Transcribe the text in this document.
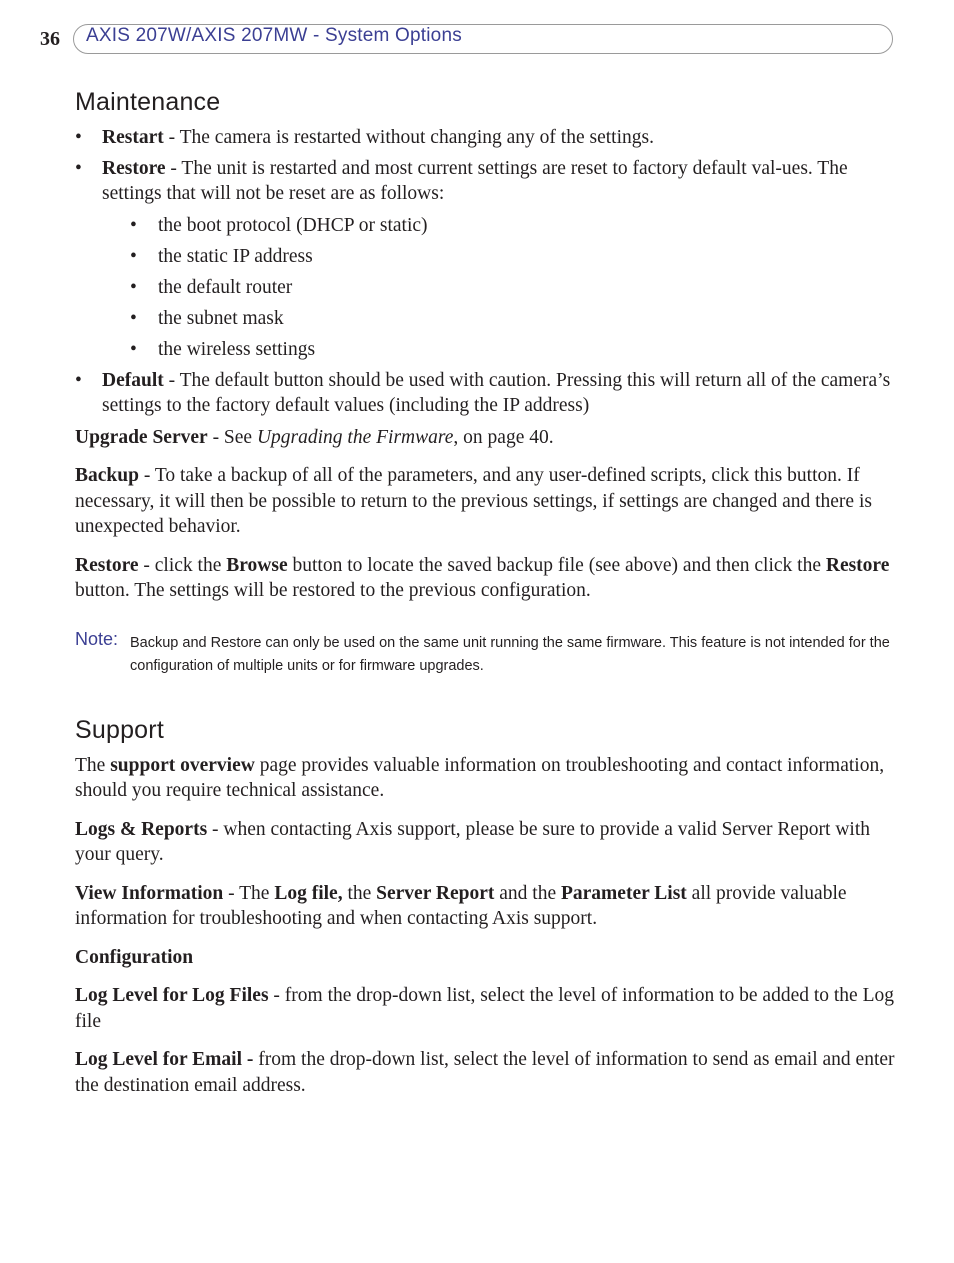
36 AXIS 207W/AXIS 207MW - System Options
Maintenance
• Restart - The camera is restarted without changing any of the settings.
• Restore - The unit is restarted and most current settings are reset to factory default val-ues. The settings that will not be reset are as follows:
• the boot protocol (DHCP or static)
• the static IP address
• the default router
• the subnet mask
• the wireless settings
• Default - The default button should be used with caution. Pressing this will return all of the camera’s settings to the factory default values (including the IP address)

Upgrade Server - See Upgrading the Firmware, on page 40.

Backup - To take a backup of all of the parameters, and any user-defined scripts, click this button. If necessary, it will then be possible to return to the previous settings, if settings are changed and there is unexpected behavior.

Restore - click the Browse button to locate the saved backup file (see above) and then click the Restore button. The settings will be restored to the previous configuration.

Note: Backup and Restore can only be used on the same unit running the same firmware. This feature is not intended for the configuration of multiple units or for firmware upgrades.
Support

The support overview page provides valuable information on troubleshooting and contact information, should you require technical assistance.

Logs & Reports - when contacting Axis support, please be sure to provide a valid Server Report with your query.

View Information - The Log file, the Server Report and the Parameter List all provide valuable information for troubleshooting and when contacting Axis support.

Configuration

Log Level for Log Files - from the drop-down list, select the level of information to be added to the Log file

Log Level for Email - from the drop-down list, select the level of information to send as email and enter the destination email address.
